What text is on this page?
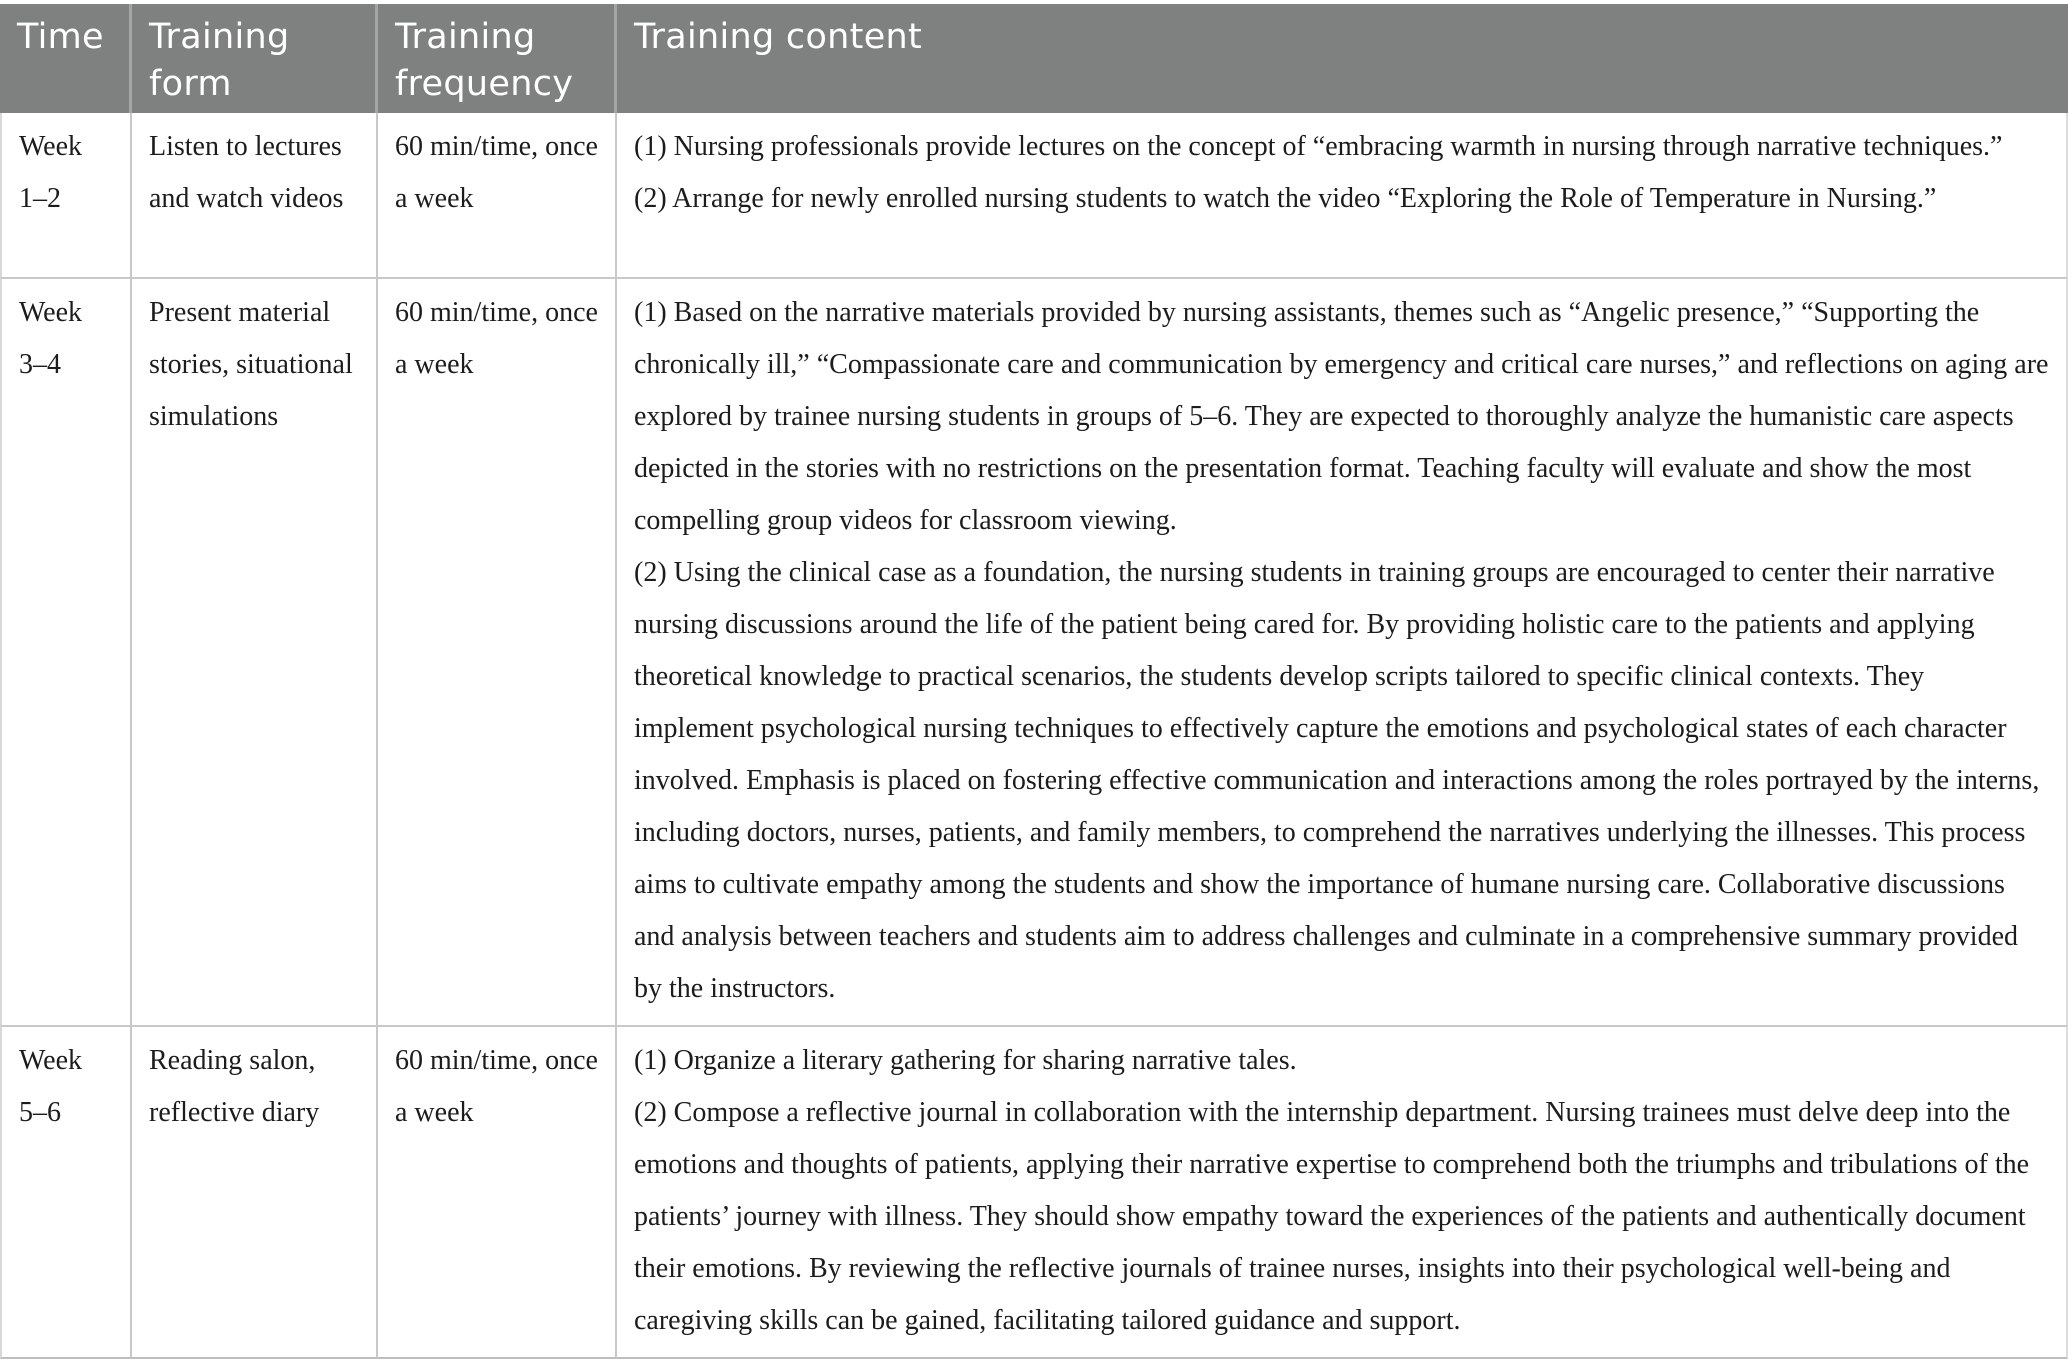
Time	Training form
Training frequency
Training content
Week 1–2
Listen to lectures and watch videos
60 min/time, once a week

(1) Nursing professionals provide lectures on the concept of “embracing warmth in nursing through narrative techniques.”

(2) Arrange for newly enrolled nursing students to watch the video “Exploring the Role of Temperature in Nursing.”

Week 3–4
Present material stories, situational simulations
60 min/time, once a week

(1) Based on the narrative materials provided by nursing assistants, themes such as “Angelic presence,” “Supporting the chronically ill,” “Compassionate care and communication by emergency and critical care nurses,” and reflections on aging are explored by trainee nursing students in groups of 5–6. They are expected to thoroughly analyze the humanistic care aspects depicted in the stories with no restrictions on the presentation format. Teaching faculty will evaluate and show the most compelling group videos for classroom viewing.

(2) Using the clinical case as a foundation, the nursing students in training groups are encouraged to center their narrative nursing discussions around the life of the patient being cared for. By providing holistic care to the patients and applying theoretical knowledge to practical scenarios, the students develop scripts tailored to specific clinical contexts. They implement psychological nursing techniques to effectively capture the emotions and psychological states of each character involved. Emphasis is placed on fostering effective communication and interactions among the roles portrayed by the interns, including doctors, nurses, patients, and family members, to comprehend the narratives underlying the illnesses. This process aims to cultivate empathy among the students and show the importance of humane nursing care. Collaborative discussions and analysis between teachers and students aim to address challenges and culminate in a comprehensive summary provided by the instructors.

Week 5–6
Reading salon, reflective diary
60 min/time, once a week

(1) Organize a literary gathering for sharing narrative tales.

(2) Compose a reflective journal in collaboration with the internship department. Nursing trainees must delve deep into the emotions and thoughts of patients, applying their narrative expertise to comprehend both the triumphs and tribulations of the patients’ journey with illness. They should show empathy toward the experiences of the patients and authentically document their emotions. By reviewing the reflective journals of trainee nurses, insights into their psychological well-being and caregiving skills can be gained, facilitating tailored guidance and support.
